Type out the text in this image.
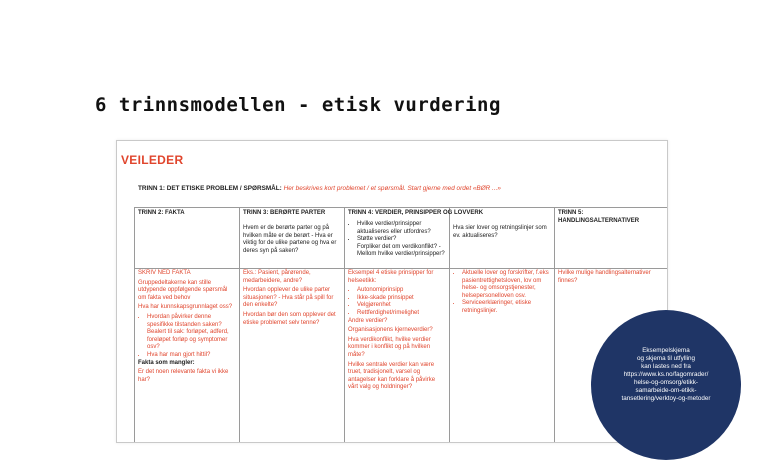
6 trinnsmodellen - etisk vurdering
VEILEDER
TRINN 1: DET ETISKE PROBLEM / SPØRSMÅL: Her beskrives kort problemet / et spørsmål. Start gjerne med ordet «BØR ...»
TRINN 2: FAKTA

SKRIV NED FAKTA

Gruppedeltakerne kan stille utdypende oppfølgende spørsmål om fakta ved behov

Hva har kunnskapsgrunnlaget oss?

• Hvordan påvirker denne spesifikke tilstanden saken? Bealert til sak: forløpet, adferd, foreløpet forløp og symptomer osv?
• Hva har man gjort hittil?

Fakta som mangler:

Er det noen relevante fakta vi ikke har?

TRINN 3: BERØRTE PARTER
Hvem er de berørte parter og på hvilken måte er de berørt - Hva er viktig for de ulike partene og hva er deres syn på saken?

Eks.: Pasient, pårørende, medarbeidere, andre?

Hvordan opplever de ulike parter situasjonen? - Hva står på spill for den enkelte?

Hvordan bør den som opplever det etiske problemet selv tenne?

TRINN 4: VERDIER, PRINSIPPER OG LOVVERK
• Hvilke verdier/prinsipper aktualiseres eller utfordres?
• Støtte verdier?
Forpliker det om verdikonflikt? - Mellom hvilke verdier/prinsipper?

Eksempel 4 etiske prinsipper for helseetikk:

• Autonomiprinsipp
• Ikke-skade prinsippet
• Velgjørenhet
• Rettferdighet/rimelighet

Andre verdier?

Organisasjonens kjerneverdier?

Hva verdikonflikt, hvilke verdier kommer i konflikt og på hvilken måte?

Hvilke sentrale verdier kan være truet, tradisjonelt, varsel og antagelser kan forklare å påvirke vårt valg og holdninger?

Hva sier lover og retningslinjer som ev. aktualiseres?
• Aktuelle lover og forskrifter, f.eks pasientrettighetsloven, lov om helse- og omsorgstjenester, helsepersonelloven osv.
• Serviceerklæringer, etiske retningslinjer.
TRINN 5: HANDLINGSALTERNATIVER

Hvilke mulige handlingsalternativer finnes?

Eksempelskjema

og skjema til utfylling

kan lastes ned fra

https://www.ks.no/fagomrader/

helse-og-omsorg/etikk-

samarbeide-om-etikk-

tansetlering/verktoy-og-metoder
